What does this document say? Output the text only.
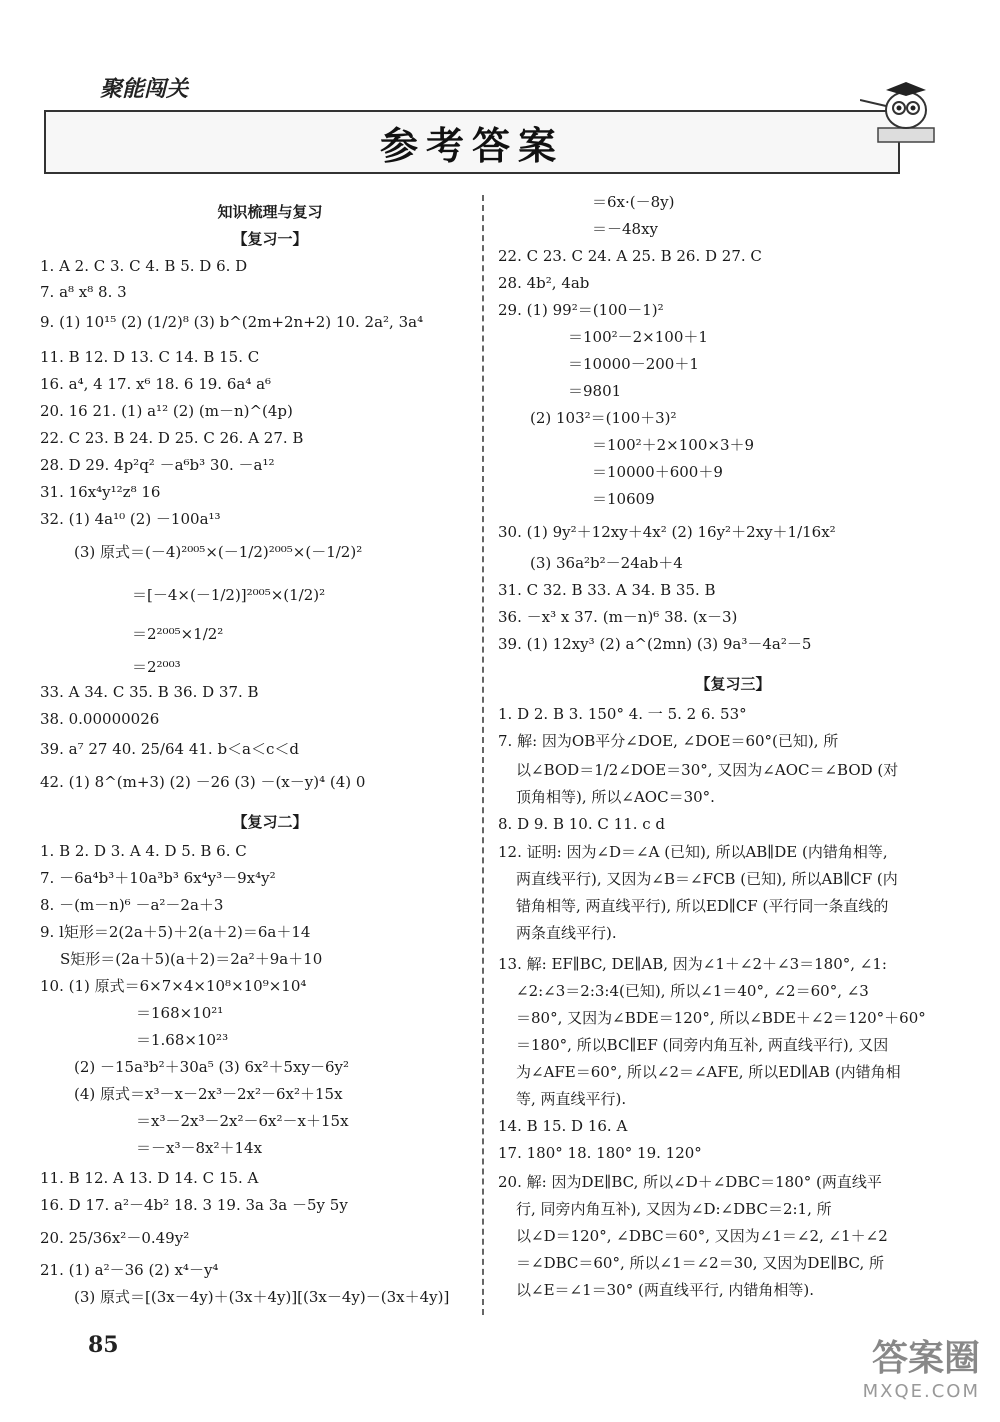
聚能闯关
参考答案
知识梳理与复习
【复习一】
1. A 2. C 3. C 4. B 5. D 6. D
7. a⁸ x⁸ 8. 3
9. (1) 10¹⁵ (2) (1/2)⁸ (3) b^(2m+2n+2) 10. 2a², 3a⁴
11. B 12. D 13. C 14. B 15. C
16. a⁴, 4 17. x⁶ 18. 6 19. 6a⁴ a⁶
20. 16 21. (1) a¹² (2) (m－n)^(4p)
22. C 23. B 24. D 25. C 26. A 27. B
28. D 29. 4p²q² －a⁶b³ 30. －a¹²
31. 16x⁴y¹²z⁸ 16
32. (1) 4a¹⁰ (2) －100a¹³
(3) 原式＝(－4)²⁰⁰⁵×(－1/2)²⁰⁰⁵×(－1/2)²
＝[－4×(－1/2)]²⁰⁰⁵×(1/2)²
＝2²⁰⁰⁵×1/2²
＝2²⁰⁰³
33. A 34. C 35. B 36. D 37. B
38. 0.00000026
39. a⁷ 27 40. 25/64 41. b＜a＜c＜d
42. (1) 8^(m+3) (2) －26 (3) －(x－y)⁴ (4) 0
【复习二】
1. B 2. D 3. A 4. D 5. B 6. C
7. －6a⁴b³＋10a³b³ 6x⁴y³－9x⁴y²
8. －(m－n)⁶ －a²－2a＋3
9. l矩形＝2(2a＋5)＋2(a＋2)＝6a＋14
S矩形＝(2a＋5)(a＋2)＝2a²＋9a＋10
10. (1) 原式＝6×7×4×10⁸×10⁹×10⁴
＝168×10²¹
＝1.68×10²³
(2) －15a³b²＋30a⁵ (3) 6x²＋5xy－6y²
(4) 原式＝x³－x－2x³－2x²－6x²＋15x
＝x³－2x³－2x²－6x²－x＋15x
＝－x³－8x²＋14x
11. B 12. A 13. D 14. C 15. A
16. D 17. a²－4b² 18. 3 19. 3a 3a －5y 5y
20. 25/36x²－0.49y²
21. (1) a²－36 (2) x⁴－y⁴
(3) 原式＝[(3x－4y)＋(3x＋4y)][(3x－4y)－(3x＋4y)]
＝6x·(－8y)
＝－48xy
22. C 23. C 24. A 25. B 26. D 27. C
28. 4b², 4ab
29. (1) 99²＝(100－1)²
＝100²－2×100＋1
＝10000－200＋1
＝9801
(2) 103²＝(100＋3)²
＝100²＋2×100×3＋9
＝10000＋600＋9
＝10609
30. (1) 9y²＋12xy＋4x² (2) 16y²＋2xy＋1/16x²
(3) 36a²b²－24ab＋4
31. C 32. B 33. A 34. B 35. B
36. －x³ x 37. (m－n)⁶ 38. (x－3)
39. (1) 12xy³ (2) a^(2mn) (3) 9a³－4a²－5
【复习三】
1. D 2. B 3. 150° 4. 一 5. 2 6. 53°
7. 解: 因为OB平分∠DOE, ∠DOE＝60°(已知), 所
以∠BOD＝1/2∠DOE＝30°, 又因为∠AOC＝∠BOD (对
顶角相等), 所以∠AOC＝30°.
8. D 9. B 10. C 11. c d
12. 证明: 因为∠D＝∠A (已知), 所以AB∥DE (内错角相等,
两直线平行), 又因为∠B＝∠FCB (已知), 所以AB∥CF (内
错角相等, 两直线平行), 所以ED∥CF (平行同一条直线的
两条直线平行).
13. 解: EF∥BC, DE∥AB, 因为∠1＋∠2＋∠3＝180°, ∠1:
∠2:∠3＝2:3:4(已知), 所以∠1＝40°, ∠2＝60°, ∠3
＝80°, 又因为∠BDE＝120°, 所以∠BDE＋∠2＝120°＋60°
＝180°, 所以BC∥EF (同旁内角互补, 两直线平行), 又因
为∠AFE＝60°, 所以∠2＝∠AFE, 所以ED∥AB (内错角相
等, 两直线平行).
14. B 15. D 16. A
17. 180° 18. 180° 19. 120°
20. 解: 因为DE∥BC, 所以∠D＋∠DBC＝180° (两直线平
行, 同旁内角互补), 又因为∠D:∠DBC＝2:1, 所
以∠D＝120°, ∠DBC＝60°, 又因为∠1＝∠2, ∠1＋∠2
＝∠DBC＝60°, 所以∠1＝∠2＝30, 又因为DE∥BC, 所
以∠E＝∠1＝30° (两直线平行, 内错角相等).
85	答案圈
MXQE.COM
